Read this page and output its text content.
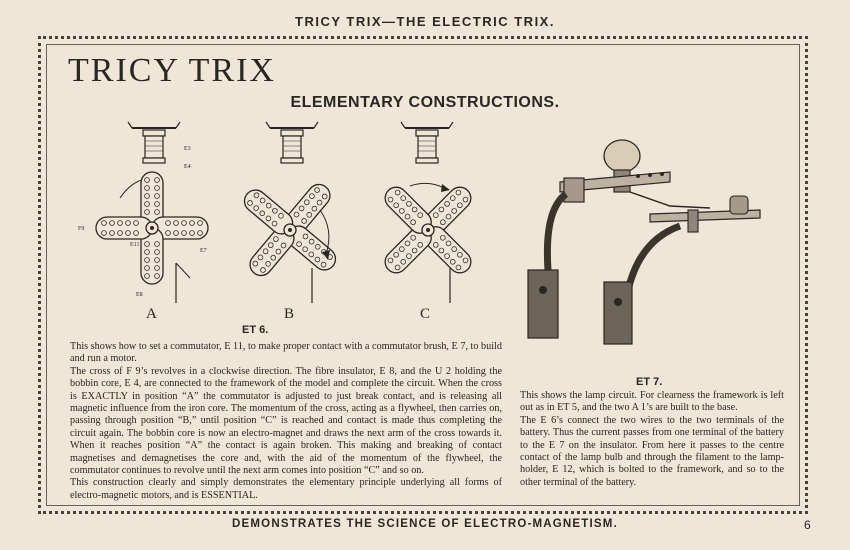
TRICY TRIX—THE ELECTRIC TRIX.
TRICY TRIX
ELEMENTARY CONSTRUCTIONS.
E3
E4
F9
E11
E7
E8
A	B	C
ET 6.
ET 7.

This shows how to set a commutator, E 11, to make proper contact with a commutator brush, E 7, to build and run a motor.

The cross of F 9’s revolves in a clockwise direction. The fibre insulator, E 8, and the U 2 holding the bobbin core, E 4, are connected to the framework of the model and complete the circuit. When the cross is EXACTLY in position “A” the commutator is adjusted to just break contact, and is releasing all magnetic influence from the iron core. The momentum of the cross, acting as a flywheel, then carries on, passing through position “B,” until position “C” is reached and contact is made thus completing the circuit again. The bobbin core is now an electro-magnet and draws the next arm of the cross towards it. When it reaches position “A” the contact is again broken. This making and breaking of contact magnetises and demagnetises the core and, with the aid of the momentum of the flywheel, the commutator continues to revolve until the next arm comes into position “C” and so on.

This construction clearly and simply demonstrates the elementary principle underlying all forms of electro-magnetic motors, and is ESSENTIAL.

This shows the lamp circuit. For clearness the framework is left out as in ET 5, and the two A 1’s are built to the base.

The E 6’s connect the two wires to the two terminals of the battery. Thus the current passes from one terminal of the battery to the E 7 on the insulator. From here it passes to the centre contact of the lamp bulb and through the filament to the lamp-holder, E 12, which is bolted to the framework, and so to the other terminal of the battery.

DEMONSTRATES THE SCIENCE OF ELECTRO-MAGNETISM.	6
